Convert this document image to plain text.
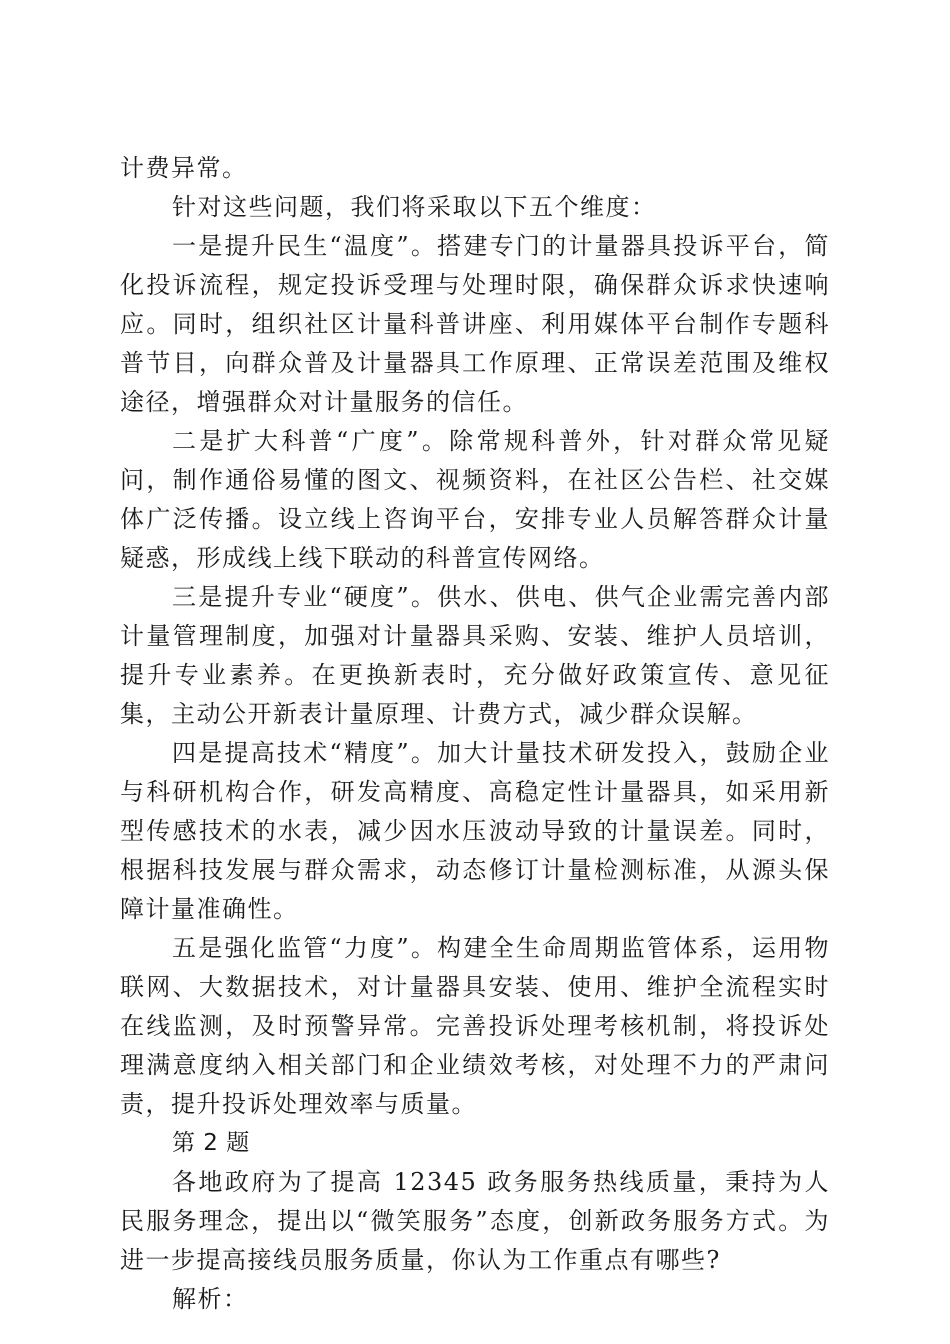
计费异常。

针对这些问题，我们将采取以下五个维度：

一是提升民生“温度”。搭建专门的计量器具投诉平台，简化投诉流程，规定投诉受理与处理时限，确保群众诉求快速响应。同时，组织社区计量科普讲座、利用媒体平台制作专题科普节目，向群众普及计量器具工作原理、正常误差范围及维权途径，增强群众对计量服务的信任。

二是扩大科普“广度”。除常规科普外，针对群众常见疑问，制作通俗易懂的图文、视频资料，在社区公告栏、社交媒体广泛传播。设立线上咨询平台，安排专业人员解答群众计量疑惑，形成线上线下联动的科普宣传网络。

三是提升专业“硬度”。供水、供电、供气企业需完善内部计量管理制度，加强对计量器具采购、安装、维护人员培训，提升专业素养。在更换新表时，充分做好政策宣传、意见征集，主动公开新表计量原理、计费方式，减少群众误解。

四是提高技术“精度”。加大计量技术研发投入，鼓励企业与科研机构合作，研发高精度、高稳定性计量器具，如采用新型传感技术的水表，减少因水压波动导致的计量误差。同时，根据科技发展与群众需求，动态修订计量检测标准，从源头保障计量准确性。

五是强化监管“力度”。构建全生命周期监管体系，运用物联网、大数据技术，对计量器具安装、使用、维护全流程实时在线监测，及时预警异常。完善投诉处理考核机制，将投诉处理满意度纳入相关部门和企业绩效考核，对处理不力的严肃问责，提升投诉处理效率与质量。

第 2 题

各地政府为了提高 12345 政务服务热线质量，秉持为人民服务理念，提出以“微笑服务”态度，创新政务服务方式。为进一步提高接线员服务质量，你认为工作重点有哪些?

解析：
